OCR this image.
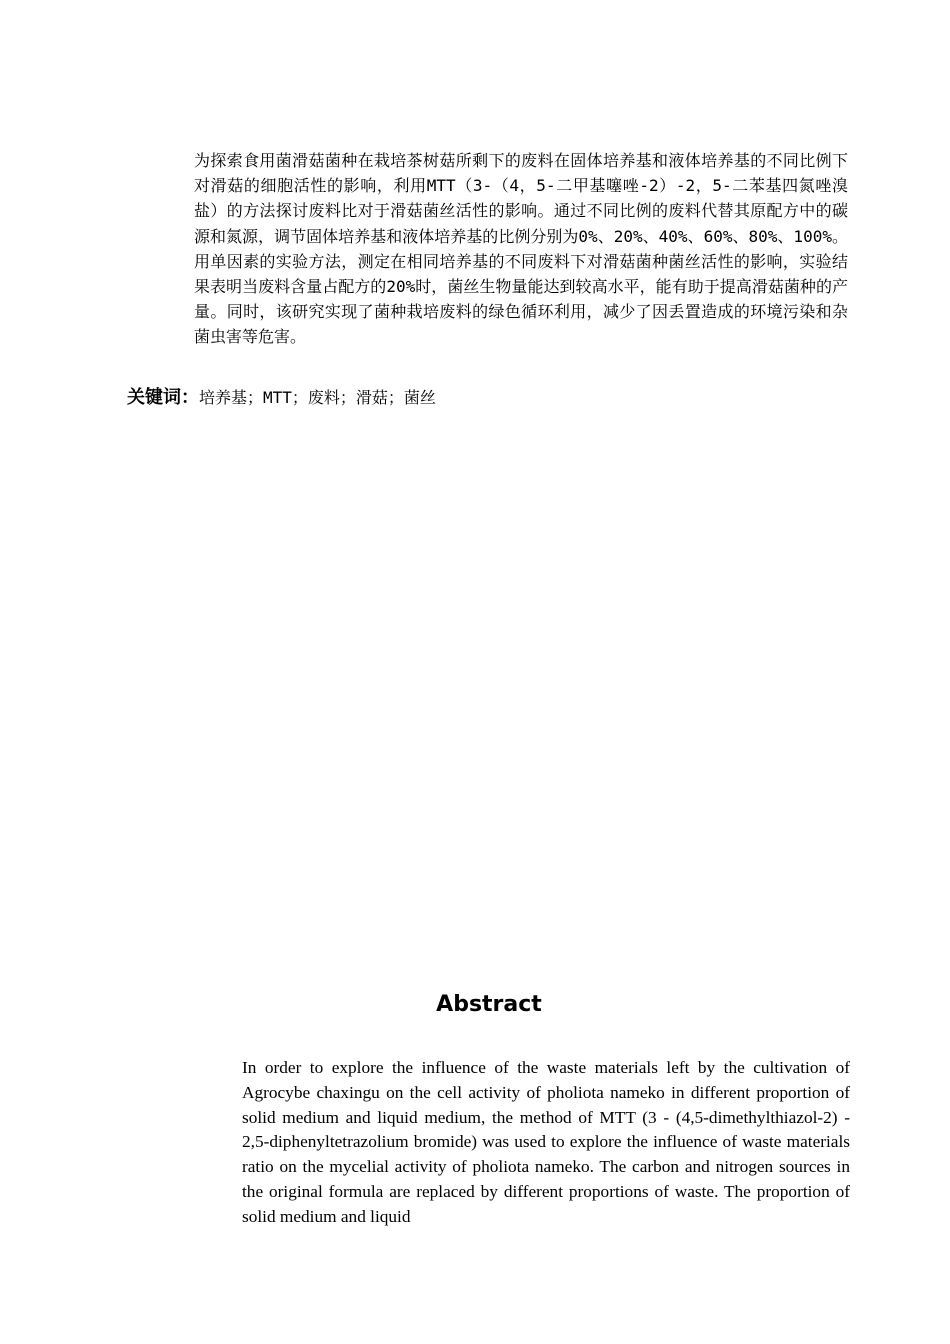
为探索食用菌滑菇菌种在栽培茶树菇所剩下的废料在固体培养基和液体培养基的不同比例下对滑菇的细胞活性的影响，利用MTT（3-（4，5-二甲基噻唑-2）-2，5-二苯基四氮唑溴盐）的方法探讨废料比对于滑菇菌丝活性的影响。通过不同比例的废料代替其原配方中的碳源和氮源，调节固体培养基和液体培养基的比例分别为0%、20%、40%、60%、80%、100%。用单因素的实验方法，测定在相同培养基的不同废料下对滑菇菌种菌丝活性的影响，实验结果表明当废料含量占配方的20%时，菌丝生物量能达到较高水平，能有助于提高滑菇菌种的产量。同时，该研究实现了菌种栽培废料的绿色循环利用，减少了因丢置造成的环境污染和杂菌虫害等危害。

关键词：培养基；MTT；废料；滑菇；菌丝

Abstract

In order to explore the influence of the waste materials left by the cultivation of Agrocybe chaxingu on the cell activity of pholiota nameko in different proportion of solid medium and liquid medium, the method of MTT (3 - (4,5-dimethylthiazol-2) - 2,5-diphenyltetrazolium bromide) was used to explore the influence of waste materials ratio on the mycelial activity of pholiota nameko. The carbon and nitrogen sources in the original formula are replaced by different proportions of waste. The proportion of solid medium and liquid
